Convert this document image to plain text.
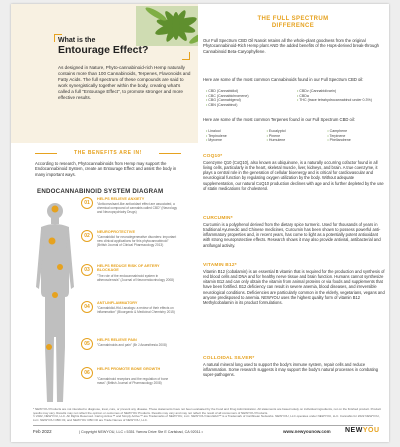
What is the
Entourage Effect?
As designed in Nature, Phyto-cannabinoid-rich Hemp naturally contains more than 100 Cannabinoids, Terpenes, Flavonoids and Fatty Acids. The full spectrum of these compounds are said to work synergistically together within the body, creating what's called a full "Entourage Effect", to promote stronger and more effective results.
THE FULL SPECTRUM
DIFFERENCE
Our Full Spectrum CBD Oil Nanoit retains all the whole-plant goodness from the original Phytocannabinoid-Rich Hemp plant AND the added benefits of the Hops-derived break-through Cannabinoid Beta-Caryophyllene.
Here are some of the most common Cannabinoids found in our Full Spectrum CBD oil:
• CBD (Cannabidiol)	• CBDv (Cannabidivarin)
• CBC (Cannabichromene)	• CBDa
• CBG (Cannabigerol)	• THC (trace tetrahydrocannabinol under 0.3%)
• CBN (Cannabinol)
Here are some of the most common Terpenes found in our Full Spectrum CBD oil:
• Linalool	• Eucalyptol	• Camphene
• Terpinolene	• Pinene	• Terpinene
• Myrcene	• Humulene	• Phellandrene
THE BENEFITS ARE IN!
According to research, Phytocannabinoids from Hemp may support the Endocannabinoid System, create an Entourage Effect and assist the body in many important ways.
ENDOCANNABINOID SYSTEM DIAGRAM
01
HELPS RELIEVE ANXIETY
"Anticonvulsant-like antioxidant effect are associated, a chemical compound of cannabis called CBD" (Neurology and Neuropsychiatry Drugs)
02
NEUROPROTECTIVE
"Cannabidiol for neurodegenerative disorders: important new clinical applications for this phytocannabinoid" (British Journal of Clinical Pharmacology 2013)
03
HELPS REDUCE RISK OF ARTERY BLOCKAGE
"The role of the endocannabinoid system in atherosclerosis" (Journal of Neuroendocrinology 2008)
04
ANTI-INFLAMMATORY
"Cannabidiol-Hid-I analogs: a review of their effects on inflammation" (Bioorganic & Medicinal Chemistry 2015)
05
HELPS RELIEVE PAIN
"Cannabinoids and pain" (Br J Anaesthesia 2008)
06
HELPS PROMOTE BONE GROWTH
"Cannabinoid receptors and the regulation of bone mass" (British Journal of Pharmacology 2008)
COQ10*
Coenzyme Q10 (CoQ10), also known as ubiquinone, is a naturally occurring cofactor found in all living cells, particularly in the heart, skeletal muscle, liver, kidneys, and brain. A true coenzyme, it plays a central role in the generation of cellular bioenergy and is critical for cardiovascular and neurological function by regulating oxygen utilization by the body. Without adequate supplementation, our natural CoQ10 production declines with age and is further depleted by the use of statin medications for cholesterol.
CURCUMIN*
Curcumin is a polyphenol derived from the dietary spice turmeric. Used for thousands of years in traditional Ayurvedic and Chinese medicines, Curcumin has been shown to possess powerful anti-inflammatory properties and, in recent years, has come to light as a potentially potent antioxidant with strong neuroprotective effects. Research shows it may also provide antiviral, antibacterial and antifungal activity.
VITAMIN B12*
Vitamin B12 (cobalamin) is an essential B vitamin that is required for the production and synthesis of red blood cells and DNA and for healthy nerve tissue and brain function. Humans cannot synthesize vitamin B12 and can only obtain the vitamin from animal proteins or via foods and supplements that have been fortified. B12 deficiency can result in severe anemia, blood diseases, and irreversible neurological conditions. Deficiencies are particularly common in the elderly, vegetarians, vegans and anyone predisposed to anemia. NEWYOU uses the highest quality form of vitamin B12 Methylcobalamin in its product formulations.
COLLOIDAL SILVER*
A natural mineral long used to support the body's immune system, repair cells and reduce inflammation. Some research suggests it may support the body's natural processes in combating super-pathogens.
* NEWYOU Products are not intended to diagnose, treat, cure, or prevent any disease. These statements have not been evaluated by the Food and Drug Administration. All statements are based solely on individual ingredients, not on the finished product. Product results may vary. Results may not reflect the opinion or outcomes of NEWYOU Products. Results may vary and may not reflect the result of all consumers of NEWYOU Products.
© 2022, NEWYOU, LLC. All Rights Reserved. Caring Active™ and Simply Active™ are Trademarks of NEWYOU, LLC. NEWYOU NanoWell™ is a Trademark of Caribbean Networks. NEWYOU, LLC operates under NEWYOU, LLC. Cannabis for 2022 NEWYOU, LLC. NEWYOU CBD Oil, and NEWYOU CBD Oil are Trade Names of NEWYOU, LLC.
Feb 2022	| Copyright NEWYOU, LLC • 5351 Yarrow Drive Ste E Carlsbad, CA 92011 •	www.newyounow.com NEWYOU
